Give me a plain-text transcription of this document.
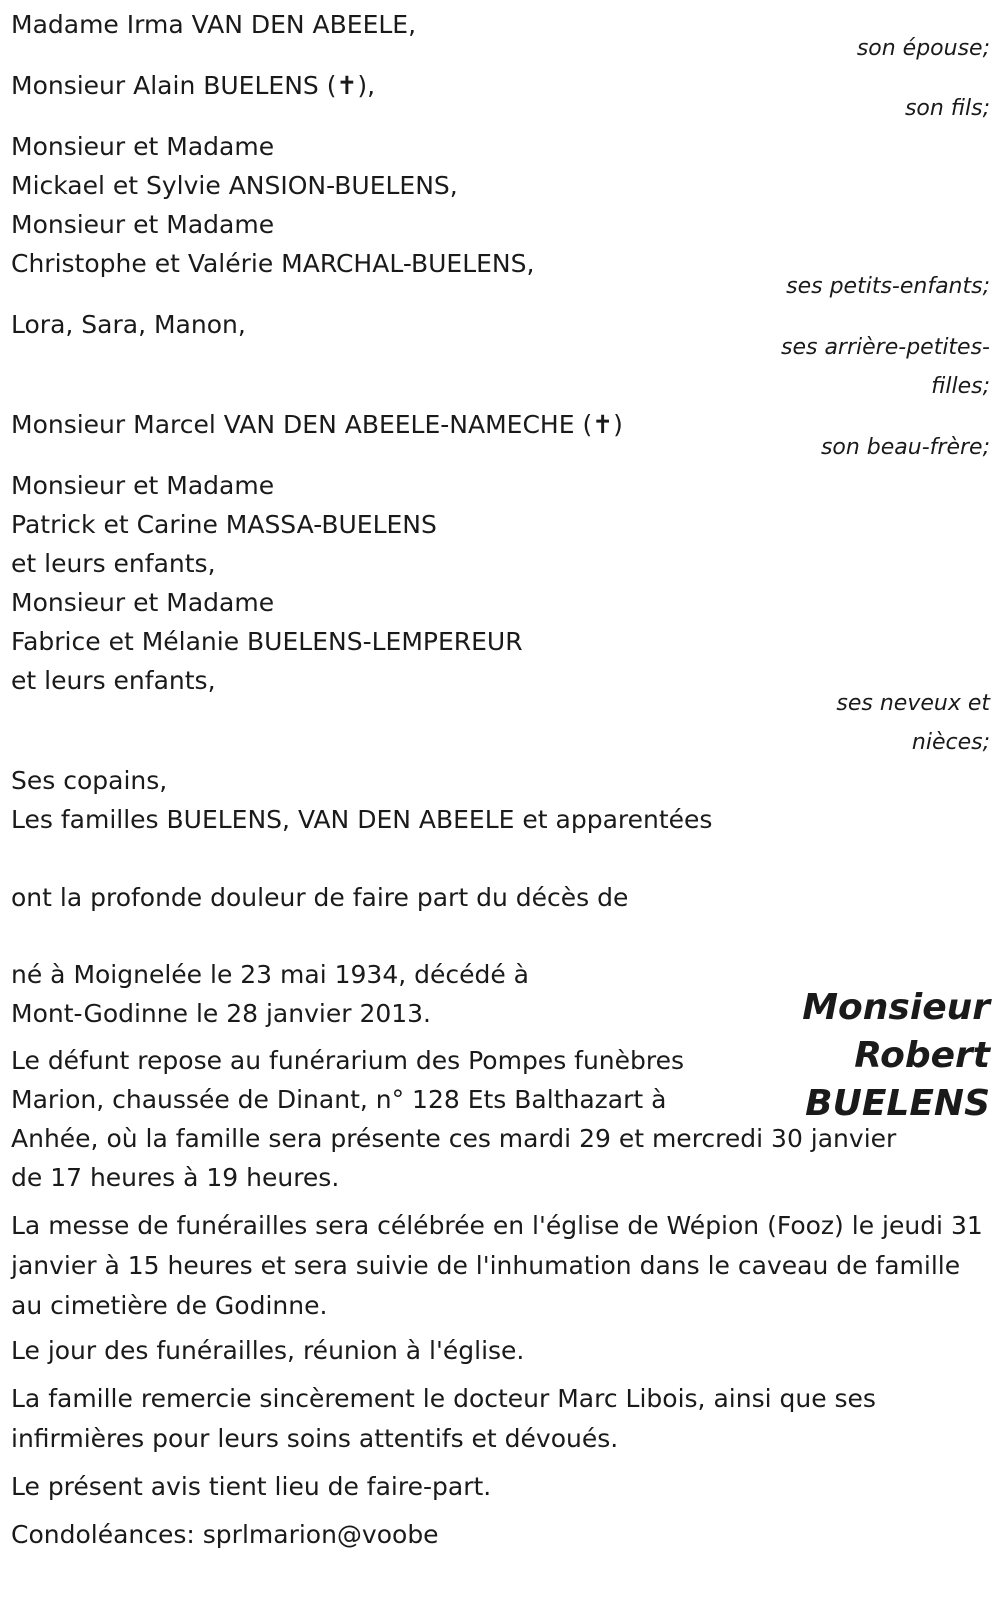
Madame Irma VAN DEN ABEELE,
son épouse;
Monsieur Alain BUELENS (✝),
son fils;
Monsieur et Madame
Mickael et Sylvie ANSION-BUELENS,
Monsieur et Madame
Christophe et Valérie MARCHAL-BUELENS,
ses petits-enfants;
Lora, Sara, Manon,
ses arrière-petites-
filles;
Monsieur Marcel VAN DEN ABEELE-NAMECHE (✝)
son beau-frère;
Monsieur et Madame
Patrick et Carine MASSA-BUELENS
et leurs enfants,
Monsieur et Madame
Fabrice et Mélanie BUELENS-LEMPEREUR
et leurs enfants,
ses neveux et
nièces;
Ses copains,
Les familles BUELENS, VAN DEN ABEELE et apparentées
ont la profonde douleur de faire part du décès de
Monsieur
Robert
BUELENS
né à Moignelée le 23 mai 1934, décédé à
Mont-Godinne le 28 janvier 2013.
Le défunt repose au funérarium des Pompes funèbres
Marion, chaussée de Dinant, n° 128 Ets Balthazart à
Anhée, où la famille sera présente ces mardi 29 et mercredi 30 janvier
de 17 heures à 19 heures.
La messe de funérailles sera célébrée en l'église de Wépion (Fooz) le jeudi 31 janvier à 15 heures et sera suivie de l'inhumation dans le caveau de famille au cimetière de Godinne.
Le jour des funérailles, réunion à l'église.
La famille remercie sincèrement le docteur Marc Libois, ainsi que ses infirmières pour leurs soins attentifs et dévoués.
Le présent avis tient lieu de faire-part.
Condoléances: sprlmarion@voobe
